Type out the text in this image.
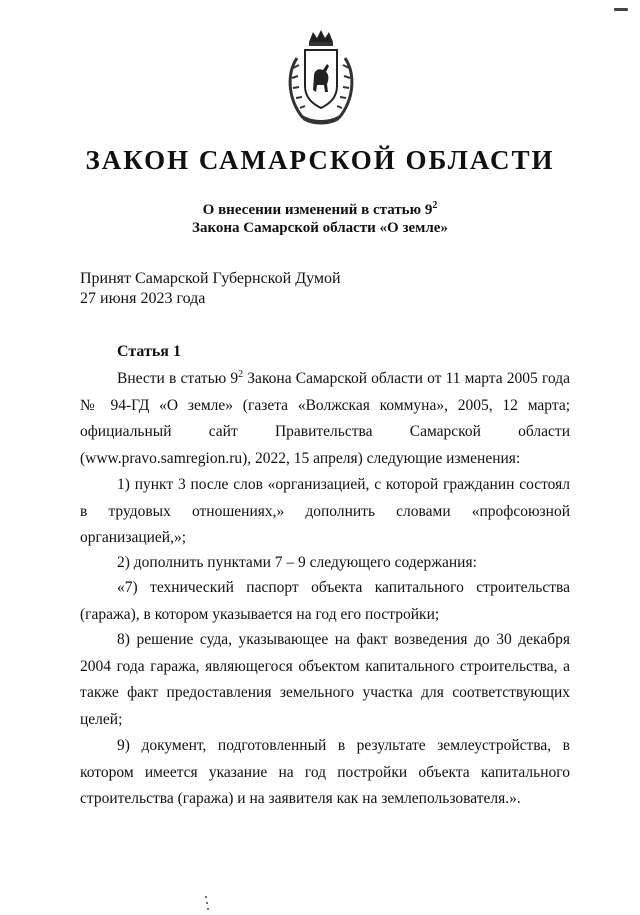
ЗАКОН САМАРСКОЙ ОБЛАСТИ
О внесении изменений в статью $9^2$
Закона Самарской области «О земле»
Принят Самарской Губернской Думой
27 июня 2023 года
Статья 1
Внести в статью $9^2$ Закона Самарской области от 11 марта 2005 года № 94-ГД «О земле» (газета «Волжская коммуна», 2005, 12 марта; официальный сайт Правительства Самарской области (www.pravo.samregion.ru), 2022, 15 апреля) следующие изменения:
1) пункт 3 после слов «организацией, с которой гражданин состоял в трудовых отношениях,» дополнить словами «профсоюзной организацией,»;
2) дополнить пунктами 7 – 9 следующего содержания:
«7) технический паспорт объекта капитального строительства (гаража), в котором указывается на год его постройки;
8) решение суда, указывающее на факт возведения до 30 декабря 2004 года гаража, являющегося объектом капитального строительства, а также факт предоставления земельного участка для соответствующих целей;
9) документ, подготовленный в результате землеустройства, в котором имеется указание на год постройки объекта капитального строительства (гаража) и на заявителя как на землепользователя.».
